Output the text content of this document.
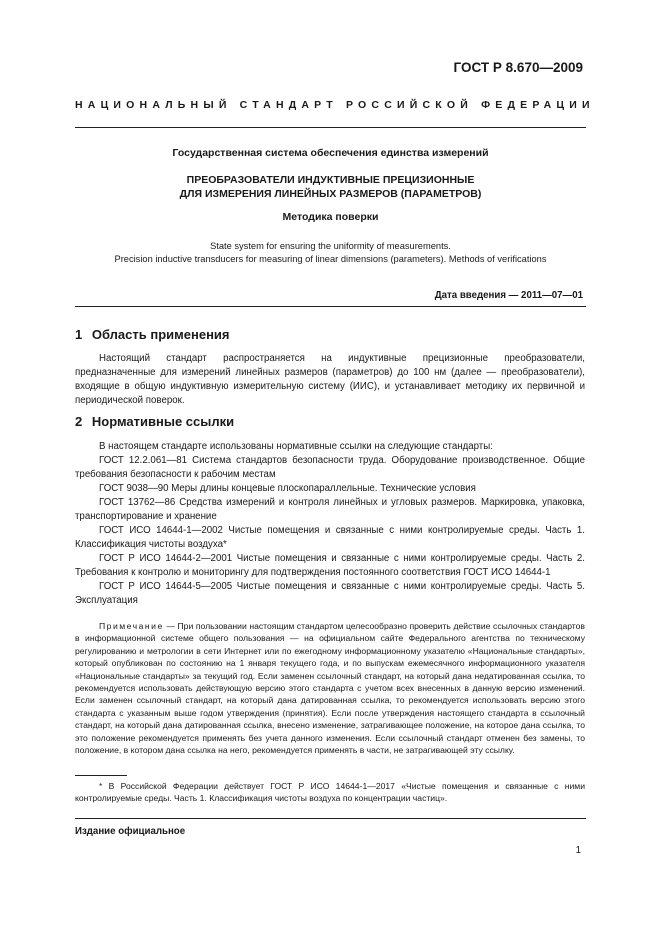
ГОСТ Р 8.670—2009
НАЦИОНАЛЬНЫЙ СТАНДАРТ РОССИЙСКОЙ ФЕДЕРАЦИИ
Государственная система обеспечения единства измерений
ПРЕОБРАЗОВАТЕЛИ ИНДУКТИВНЫЕ ПРЕЦИЗИОННЫЕ
ДЛЯ ИЗМЕРЕНИЯ ЛИНЕЙНЫХ РАЗМЕРОВ (ПАРАМЕТРОВ)
Методика поверки
State system for ensuring the uniformity of measurements.
Precision inductive transducers for measuring of linear dimensions (parameters). Methods of verifications
Дата введения — 2011—07—01
1 Область применения

Настоящий стандарт распространяется на индуктивные прецизионные преобразователи, предназначенные для измерений линейных размеров (параметров) до 100 нм (далее — преобразователи), входящие в общую индуктивную измерительную систему (ИИС), и устанавливает методику их первичной и периодической поверок.

2 Нормативные ссылки

В настоящем стандарте использованы нормативные ссылки на следующие стандарты:

ГОСТ 12.2.061—81 Система стандартов безопасности труда. Оборудование производственное. Общие требования безопасности к рабочим местам

ГОСТ 9038—90 Меры длины концевые плоскопараллельные. Технические условия

ГОСТ 13762—86 Средства измерений и контроля линейных и угловых размеров. Маркировка, упаковка, транспортирование и хранение

ГОСТ ИСО 14644-1—2002 Чистые помещения и связанные с ними контролируемые среды. Часть 1. Классификация чистоты воздуха*

ГОСТ Р ИСО 14644-2—2001 Чистые помещения и связанные с ними контролируемые среды. Часть 2. Требования к контролю и мониторингу для подтверждения постоянного соответствия ГОСТ ИСО 14644-1

ГОСТ Р ИСО 14644-5—2005 Чистые помещения и связанные с ними контролируемые среды. Часть 5. Эксплуатация

Примечание — При пользовании настоящим стандартом целесообразно проверить действие ссылочных стандартов в информационной системе общего пользования — на официальном сайте Федерального агентства по техническому регулированию и метрологии в сети Интернет или по ежегодному информационному указателю «Национальные стандарты», который опубликован по состоянию на 1 января текущего года, и по выпускам ежемесячного информационного указателя «Национальные стандарты» за текущий год. Если заменен ссылочный стандарт, на который дана недатированная ссылка, то рекомендуется использовать действующую версию этого стандарта с учетом всех внесенных в данную версию изменений. Если заменен ссылочный стандарт, на который дана датированная ссылка, то рекомендуется использовать версию этого стандарта с указанным выше годом утверждения (принятия). Если после утверждения настоящего стандарта в ссылочный стандарт, на который дана датированная ссылка, внесено изменение, затрагивающее положение, на которое дана ссылка, то это положение рекомендуется применять без учета данного изменения. Если ссылочный стандарт отменен без замены, то положение, в котором дана ссылка на него, рекомендуется применять в части, не затрагивающей эту ссылку.

* В Российской Федерации действует ГОСТ Р ИСО 14644-1—2017 «Чистые помещения и связанные с ними контролируемые среды. Часть 1. Классификация чистоты воздуха по концентрации частиц».

Издание официальное
1
